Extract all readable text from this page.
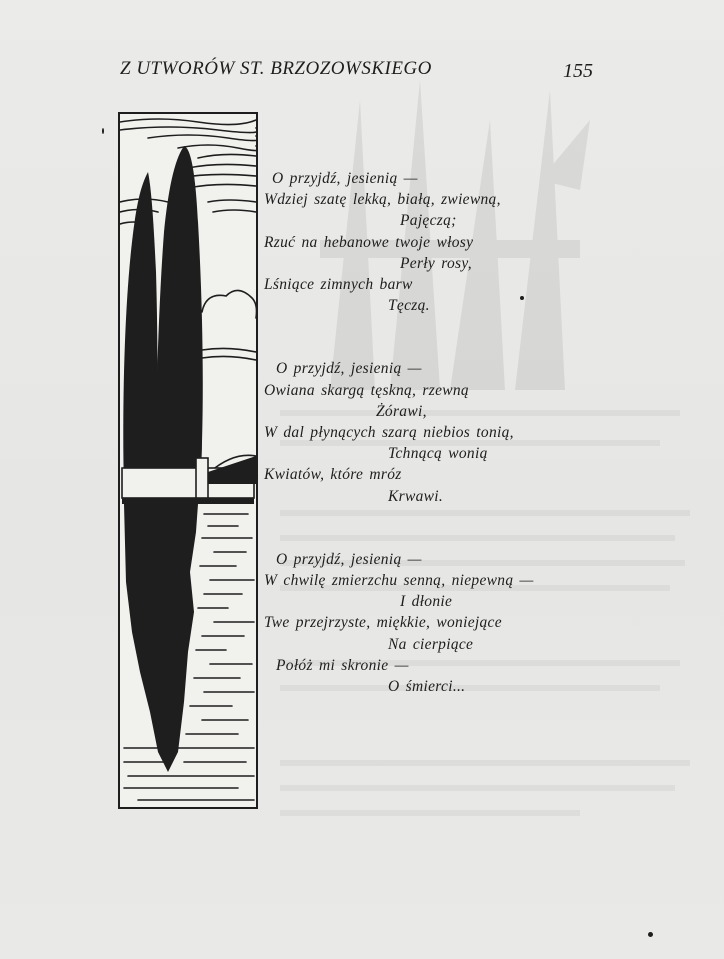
Z UTWORÓW ST. BRZOZOWSKIEGO	155

O przyjdź, jesienią —
Wdziej szatę lekką, białą, zwiewną,
Pajęczą;
Rzuć na hebanowe twoje włosy
Perły rosy,
Lśniące zimnych barw
Tęczą.

O przyjdź, jesienią —
Owiana skargą tęskną, rzewną
Żórawi,
W dal płynących szarą niebios tonią,
Tchnącą wonią
Kwiatów, które mróz
Krwawi.

O przyjdź, jesienią —
W chwilę zmierzchu senną, niepewną —
I dłonie
Twe przejrzyste, miękkie, woniejące
Na cierpiące
Połóż mi skronie —
O śmierci...
